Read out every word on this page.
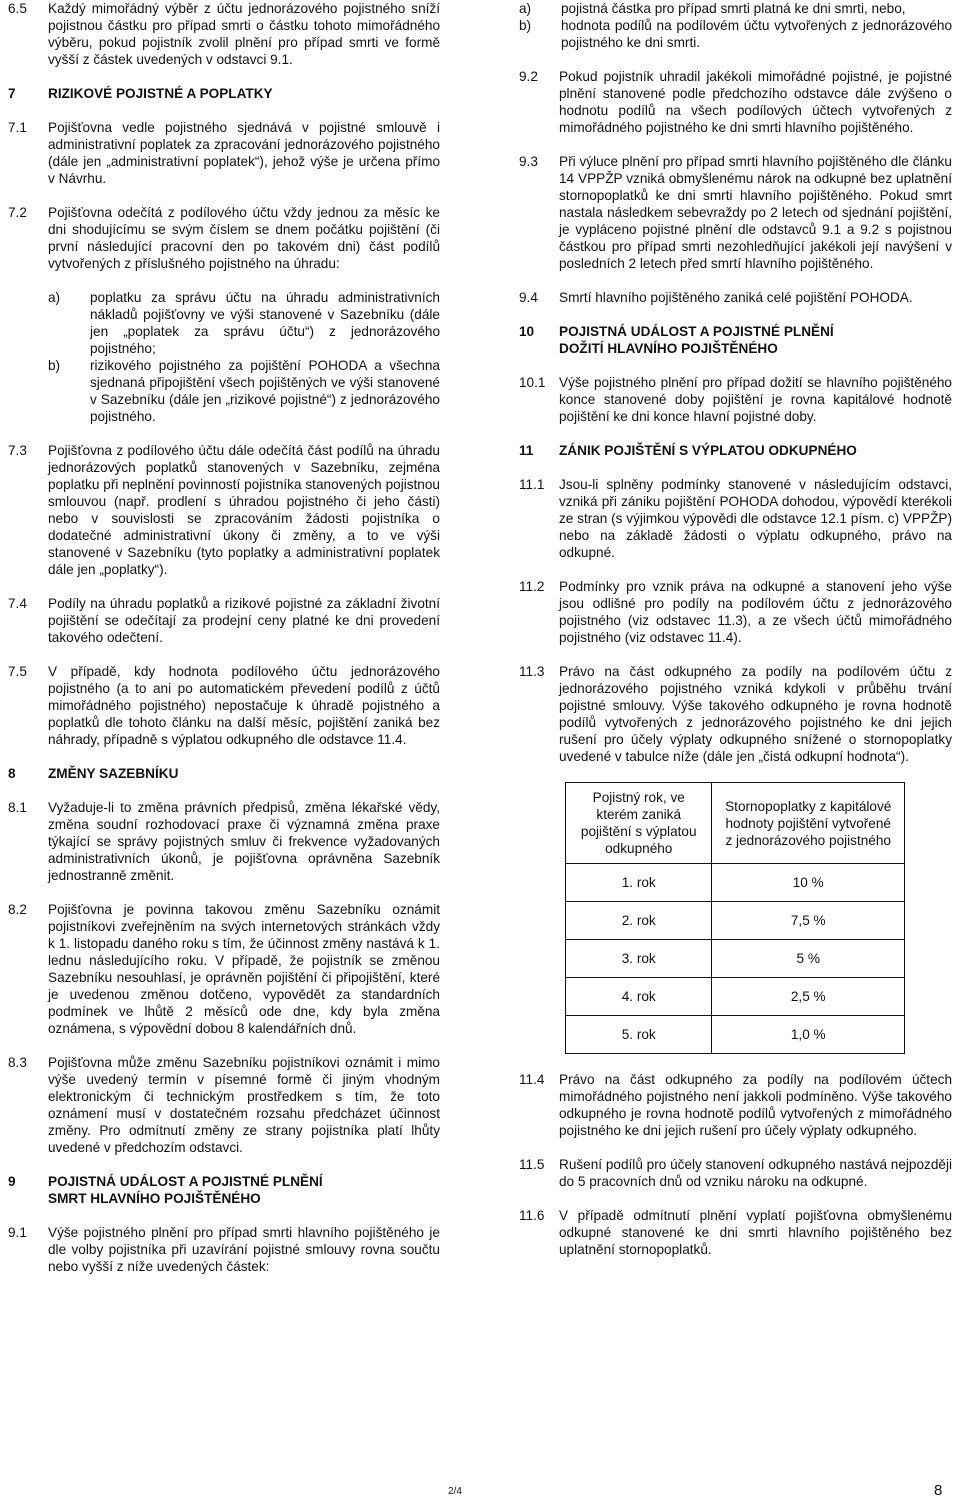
6.5	Každý mimořádný výběr z účtu jednorázového pojistného sníží pojistnou částku pro případ smrti o částku tohoto mimořádného výběru, pokud pojistník zvolil plnění pro případ smrti ve formě vyšší z částek uvedených v odstavci 9.1.
7	RIZIKOVÉ POJISTNÉ A POPLATKY
7.1	Pojišťovna vedle pojistného sjednává v pojistné smlouvě i administrativní poplatek za zpracování jednorázového pojistného (dále jen „administrativní poplatek“), jehož výše je určena přímo v Návrhu.
7.2	Pojišťovna odečítá z podílového účtu vždy jednou za měsíc ke dni shodujícímu se svým číslem se dnem počátku pojištění (či první následující pracovní den po takovém dni) část podílů vytvořených z příslušného pojistného na úhradu:
a)	poplatku za správu účtu na úhradu administrativních nákladů pojišťovny ve výši stanovené v Sazebníku (dále jen „poplatek za správu účtu“) z jednorázového pojistného;
b)	rizikového pojistného za pojištění POHODA a všechna sjednaná připojištění všech pojištěných ve výši stanovené v Sazebníku (dále jen „rizikové pojistné“) z jednorázového pojistného.
7.3	Pojišťovna z podílového účtu dále odečítá část podílů na úhradu jednorázových poplatků stanovených v Sazebníku, zejména poplatku při neplnění povinností pojistníka stanovených pojistnou smlouvou (např. prodlení s úhradou pojistného či jeho části) nebo v souvislosti se zpracováním žádosti pojistníka o dodatečné administrativní úkony či změny, a to ve výši stanovené v Sazebníku (tyto poplatky a administrativní poplatek dále jen „poplatky“).
7.4	Podíly na úhradu poplatků a rizikové pojistné za základní životní pojištění se odečítají za prodejní ceny platné ke dni provedení takového odečtení.
7.5	V případě, kdy hodnota podílového účtu jednorázového pojistného (a to ani po automatickém převedení podílů z účtů mimořádného pojistného) nepostačuje k úhradě pojistného a poplatků dle tohoto článku na další měsíc, pojištění zaniká bez náhrady, případně s výplatou odkupného dle odstavce 11.4.
8	ZMĚNY SAZEBNÍKU
8.1	Vyžaduje-li to změna právních předpisů, změna lékařské vědy, změna soudní rozhodovací praxe či významná změna praxe týkající se správy pojistných smluv či frekvence vyžadovaných administrativních úkonů, je pojišťovna oprávněna Sazebník jednostranně změnit.
8.2	Pojišťovna je povinna takovou změnu Sazebníku oznámit pojistníkovi zveřejněním na svých internetových stránkách vždy k 1. listopadu daného roku s tím, že účinnost změny nastává k 1. lednu následujícího roku. V případě, že pojistník se změnou Sazebníku nesouhlasí, je oprávněn pojištění či připojištění, které je uvedenou změnou dotčeno, vypovědět za standardních podmínek ve lhůtě 2 měsíců ode dne, kdy byla změna oznámena, s výpovědní dobou 8 kalendářních dnů.
8.3	Pojišťovna může změnu Sazebníku pojistníkovi oznámit i mimo výše uvedený termín v písemné formě či jiným vhodným elektronickým či technickým prostředkem s tím, že toto oznámení musí v dostatečném rozsahu předcházet účinnost změny. Pro odmítnutí změny ze strany pojistníka platí lhůty uvedené v předchozím odstavci.
9	POJISTNÁ UDÁLOST A POJISTNÉ PLNĚNÍ
SMRT HLAVNÍHO POJIŠTĚNÉHO
9.1	Výše pojistného plnění pro případ smrti hlavního pojištěného je dle volby pojistníka při uzavírání pojistné smlouvy rovna součtu nebo vyšší z níže uvedených částek:
a)	pojistná částka pro případ smrti platná ke dni smrti, nebo,
b)	hodnota podílů na podílovém účtu vytvořených z jednorázového pojistného ke dni smrti.
9.2	Pokud pojistník uhradil jakékoli mimořádné pojistné, je pojistné plnění stanovené podle předchozího odstavce dále zvýšeno o hodnotu podílů na všech podílových účtech vytvořených z mimořádného pojistného ke dni smrti hlavního pojištěného.
9.3	Při výluce plnění pro případ smrti hlavního pojištěného dle článku 14 VPPŽP vzniká obmyšlenému nárok na odkupné bez uplatnění stornopoplatků ke dni smrti hlavního pojištěného. Pokud smrt nastala následkem sebevraždy po 2 letech od sjednání pojištění, je vypláceno pojistné plnění dle odstavců 9.1 a 9.2 s pojistnou částkou pro případ smrti nezohledňující jakékoli její navýšení v posledních 2 letech před smrtí hlavního pojištěného.
9.4	Smrtí hlavního pojištěného zaniká celé pojištění POHODA.
10	POJISTNÁ UDÁLOST A POJISTNÉ PLNĚNÍ
DOŽITÍ HLAVNÍHO POJIŠTĚNÉHO
10.1 Výše pojistného plnění pro případ dožití se hlavního pojištěného konce stanovené doby pojištění je rovna kapitálové hodnotě pojištění ke dni konce hlavní pojistné doby.
11	ZÁNIK POJIŠTĚNÍ S VÝPLATOU ODKUPNÉHO
11.1	Jsou-li splněny podmínky stanovené v následujícím odstavci, vzniká při zániku pojištění POHODA dohodou, výpovědí kterékoli ze stran (s výjimkou výpovědi dle odstavce 12.1 písm. c) VPPŽP) nebo na základě žádosti o výplatu odkupného, právo na odkupné.
11.2	Podmínky pro vznik práva na odkupné a stanovení jeho výše jsou odlišné pro podíly na podílovém účtu z jednorázového pojistného (viz odstavec 11.3), a ze všech účtů mimořádného pojistného (viz odstavec 11.4).
11.3	Právo na část odkupného za podíly na podílovém účtu z jednorázového pojistného vzniká kdykoli v průběhu trvání pojistné smlouvy. Výše takového odkupného je rovna hodnotě podílů vytvořených z jednorázového pojistného ke dni jejich rušení pro účely výplaty odkupného snížené o stornopoplatky uvedené v tabulce níže (dále jen „čistá odkupní hodnota“).
Pojistný rok, ve kterém zaniká pojištění s výplatou odkupného	Stornopoplatky z kapitálové hodnoty pojištění vytvořené z jednorázového pojistného
1. rok	10 %
2. rok	7,5 %
3. rok	5 %
4. rok	2,5 %
5. rok	1,0 %
11.4	Právo na část odkupného za podíly na podílovém účtech mimořádného pojistného není jakkoli podmíněno. Výše takového odkupného je rovna hodnotě podílů vytvořených z mimořádného pojistného ke dni jejich rušení pro účely výplaty odkupného.
11.5	Rušení podílů pro účely stanovení odkupného nastává nejpozději do 5 pracovních dnů od vzniku nároku na odkupné.
11.6	V případě odmítnutí plnění vyplatí pojišťovna obmyšlenému odkupné stanovené ke dni smrti hlavního pojištěného bez uplatnění stornopoplatků.
2/4	8
